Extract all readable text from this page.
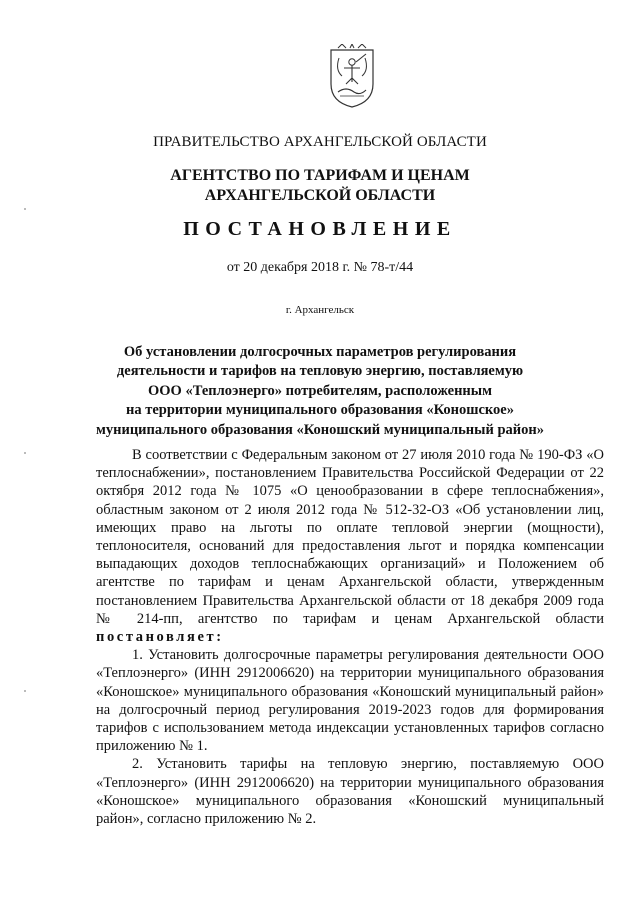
ПРАВИТЕЛЬСТВО АРХАНГЕЛЬСКОЙ ОБЛАСТИ
АГЕНТСТВО ПО ТАРИФАМ И ЦЕНАМ
АРХАНГЕЛЬСКОЙ ОБЛАСТИ
ПОСТАНОВЛЕНИЕ
от 20 декабря 2018 г. № 78-т/44
г. Архангельск
Об установлении долгосрочных параметров регулирования
деятельности и тарифов на тепловую энергию, поставляемую
ООО «Теплоэнерго» потребителям, расположенным
на территории муниципального образования «Коношское»
муниципального образования «Коношский муниципальный район»

В соответствии с Федеральным законом от 27 июля 2010 года № 190-ФЗ «О теплоснабжении», постановлением Правительства Российской Федерации от 22 октября 2012 года № 1075 «О ценообразовании в сфере теплоснабжения», областным законом от 2 июля 2012 года № 512-32-ОЗ «Об установлении лиц, имеющих право на льготы по оплате тепловой энергии (мощности), теплоносителя, оснований для предоставления льгот и порядка компенсации выпадающих доходов теплоснабжающих организаций» и Положением об агентстве по тарифам и ценам Архангельской области, утвержденным постановлением Правительства Архангельской области от 18 декабря 2009 года № 214-пп, агентство по тарифам и ценам Архангельской области постановляет:

1. Установить долгосрочные параметры регулирования деятельности ООО «Теплоэнерго» (ИНН 2912006620) на территории муниципального образования «Коношское» муниципального образования «Коношский муниципальный район» на долгосрочный период регулирования 2019-2023 годов для формирования тарифов с использованием метода индексации установленных тарифов согласно приложению № 1.

2. Установить тарифы на тепловую энергию, поставляемую ООО «Теплоэнерго» (ИНН 2912006620) на территории муниципального образования «Коношское» муниципального образования «Коношский муниципальный район», согласно приложению № 2.
